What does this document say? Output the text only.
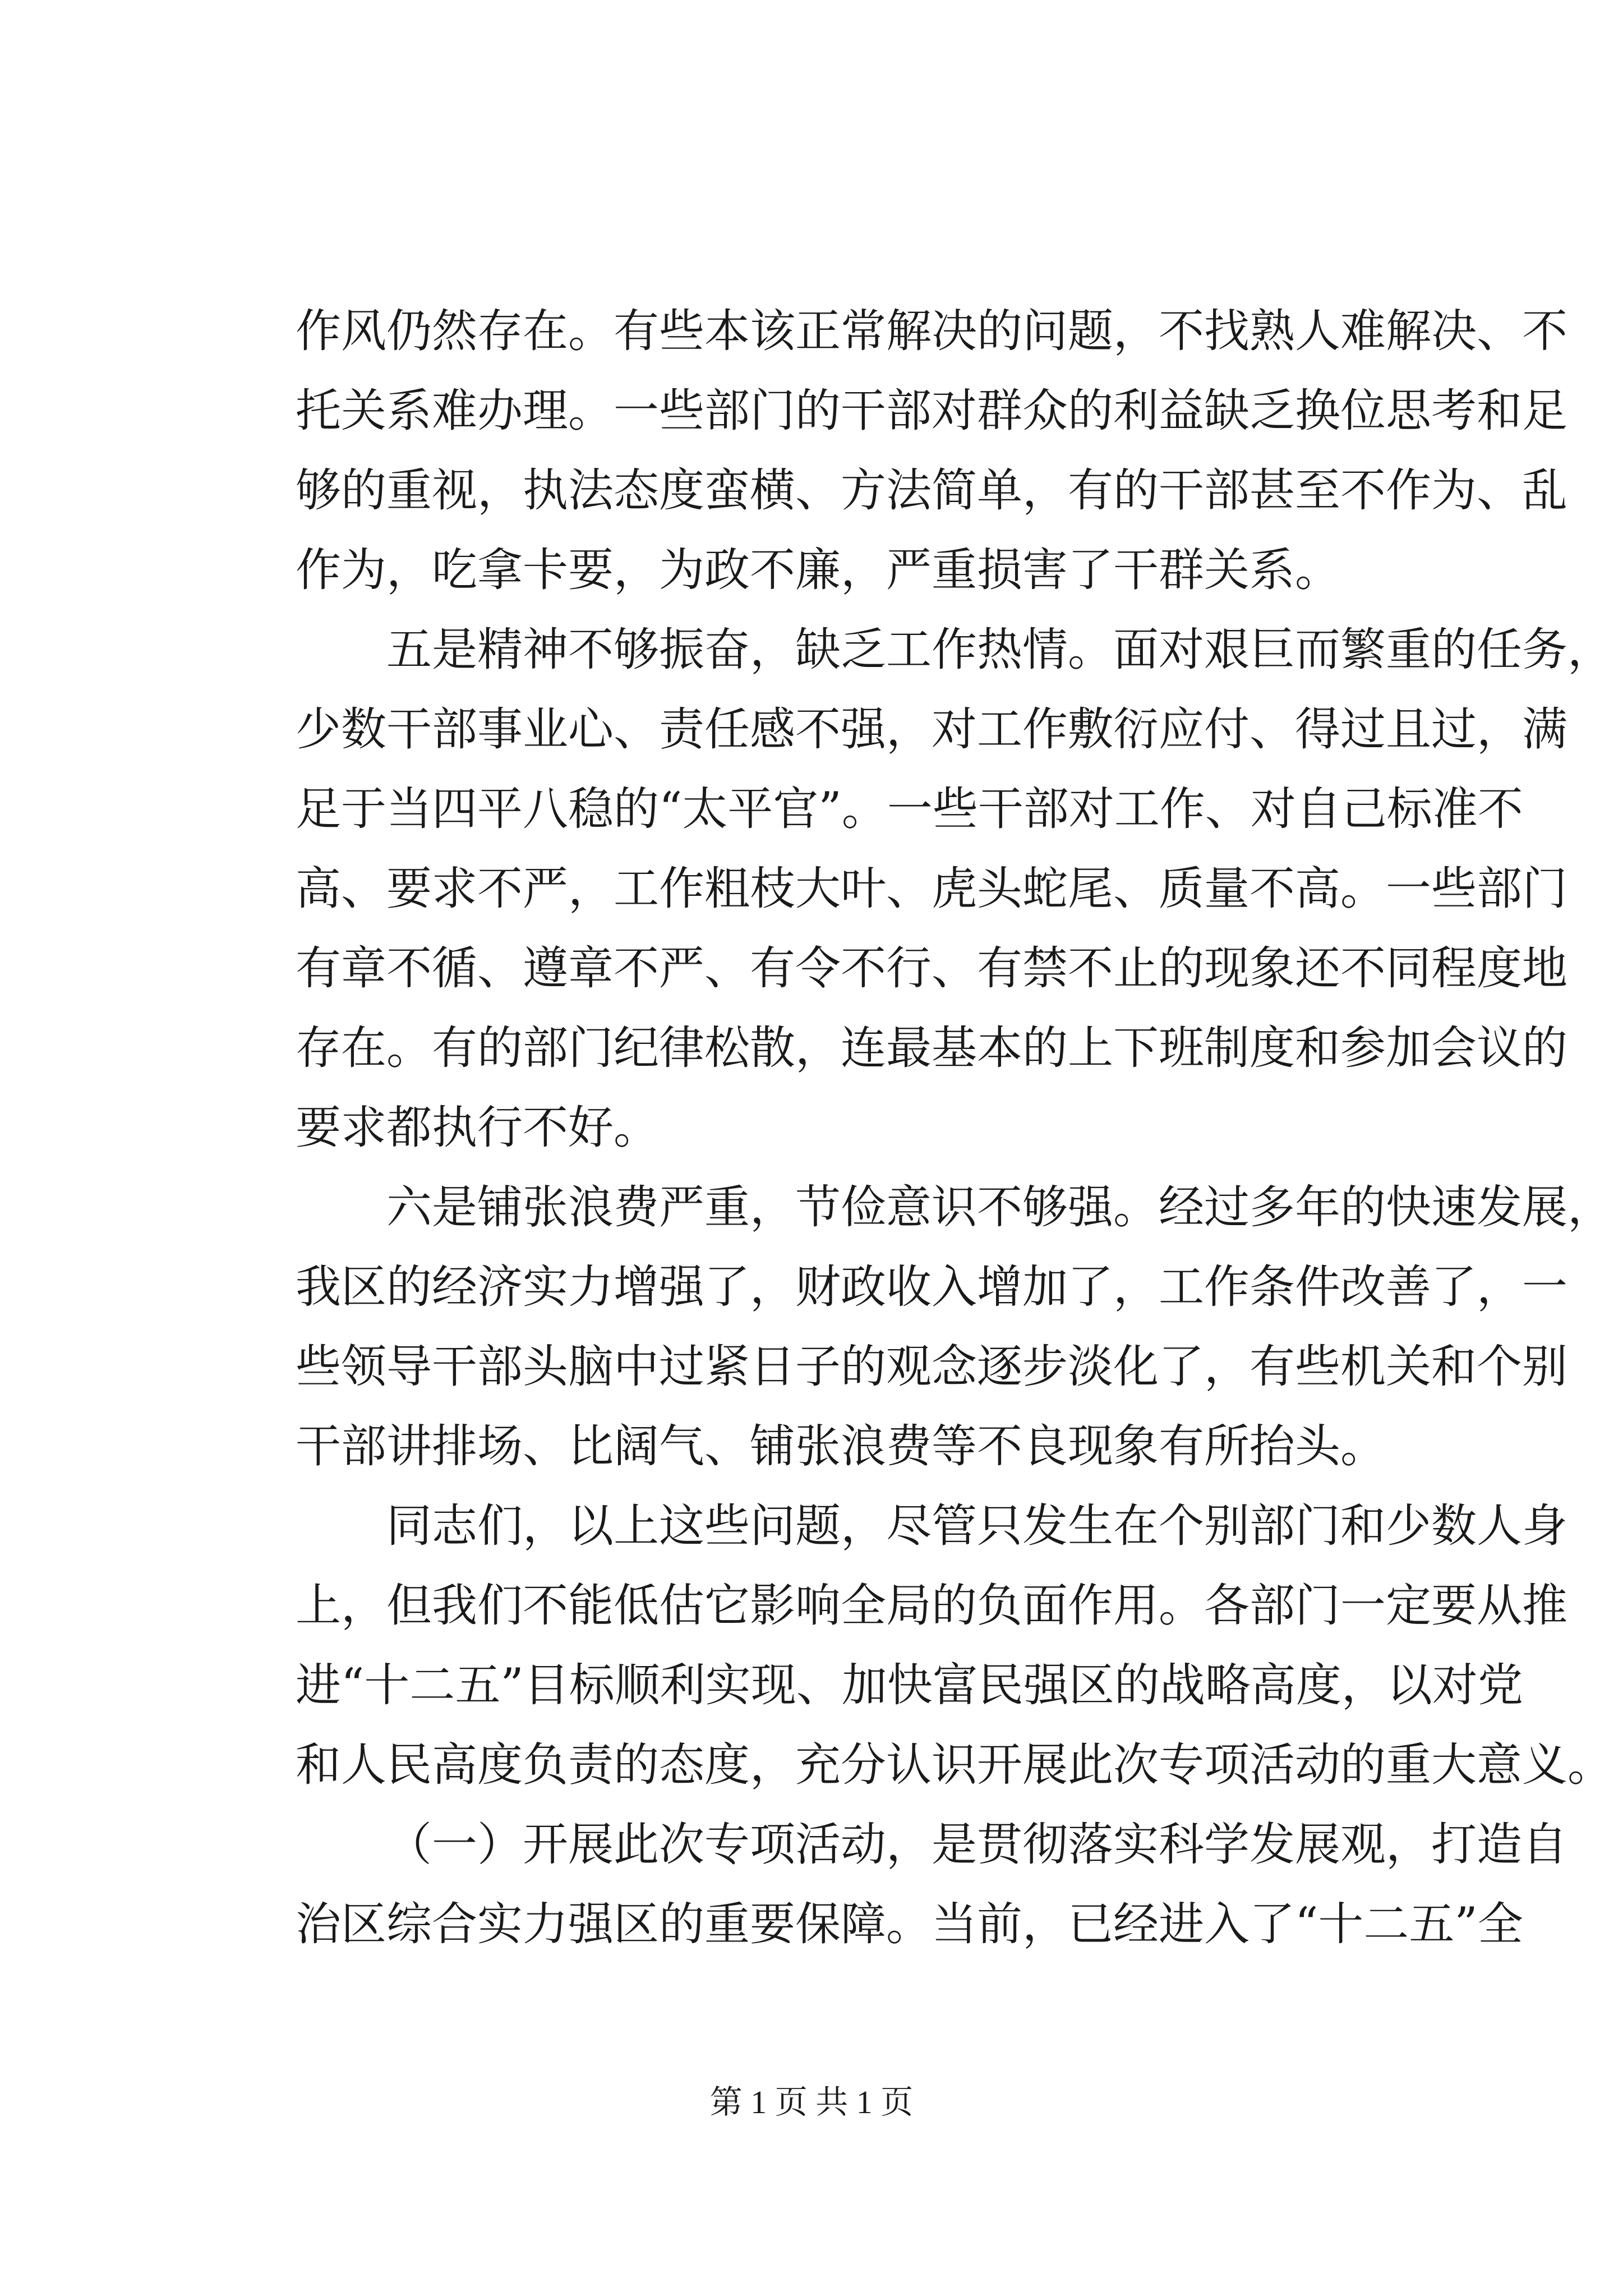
作风仍然存在。有些本该正常解决的问题，不找熟人难解决、不
托关系难办理。一些部门的干部对群众的利益缺乏换位思考和足
够的重视，执法态度蛮横、方法简单，有的干部甚至不作为、乱
作为，吃拿卡要，为政不廉，严重损害了干群关系。
五是精神不够振奋，缺乏工作热情。面对艰巨而繁重的任务，
少数干部事业心、责任感不强，对工作敷衍应付、得过且过，满
足于当四平八稳的“太平官”。一些干部对工作、对自己标准不
高、要求不严，工作粗枝大叶、虎头蛇尾、质量不高。一些部门
有章不循、遵章不严、有令不行、有禁不止的现象还不同程度地
存在。有的部门纪律松散，连最基本的上下班制度和参加会议的
要求都执行不好。
六是铺张浪费严重，节俭意识不够强。经过多年的快速发展，
我区的经济实力增强了，财政收入增加了，工作条件改善了，一
些领导干部头脑中过紧日子的观念逐步淡化了，有些机关和个别
干部讲排场、比阔气、铺张浪费等不良现象有所抬头。
同志们，以上这些问题，尽管只发生在个别部门和少数人身
上，但我们不能低估它影响全局的负面作用。各部门一定要从推
进“十二五”目标顺利实现、加快富民强区的战略高度，以对党
和人民高度负责的态度，充分认识开展此次专项活动的重大意义。
（一）开展此次专项活动，是贯彻落实科学发展观，打造自
治区综合实力强区的重要保障。当前，已经进入了“十二五”全
第 1 页 共 1 页
